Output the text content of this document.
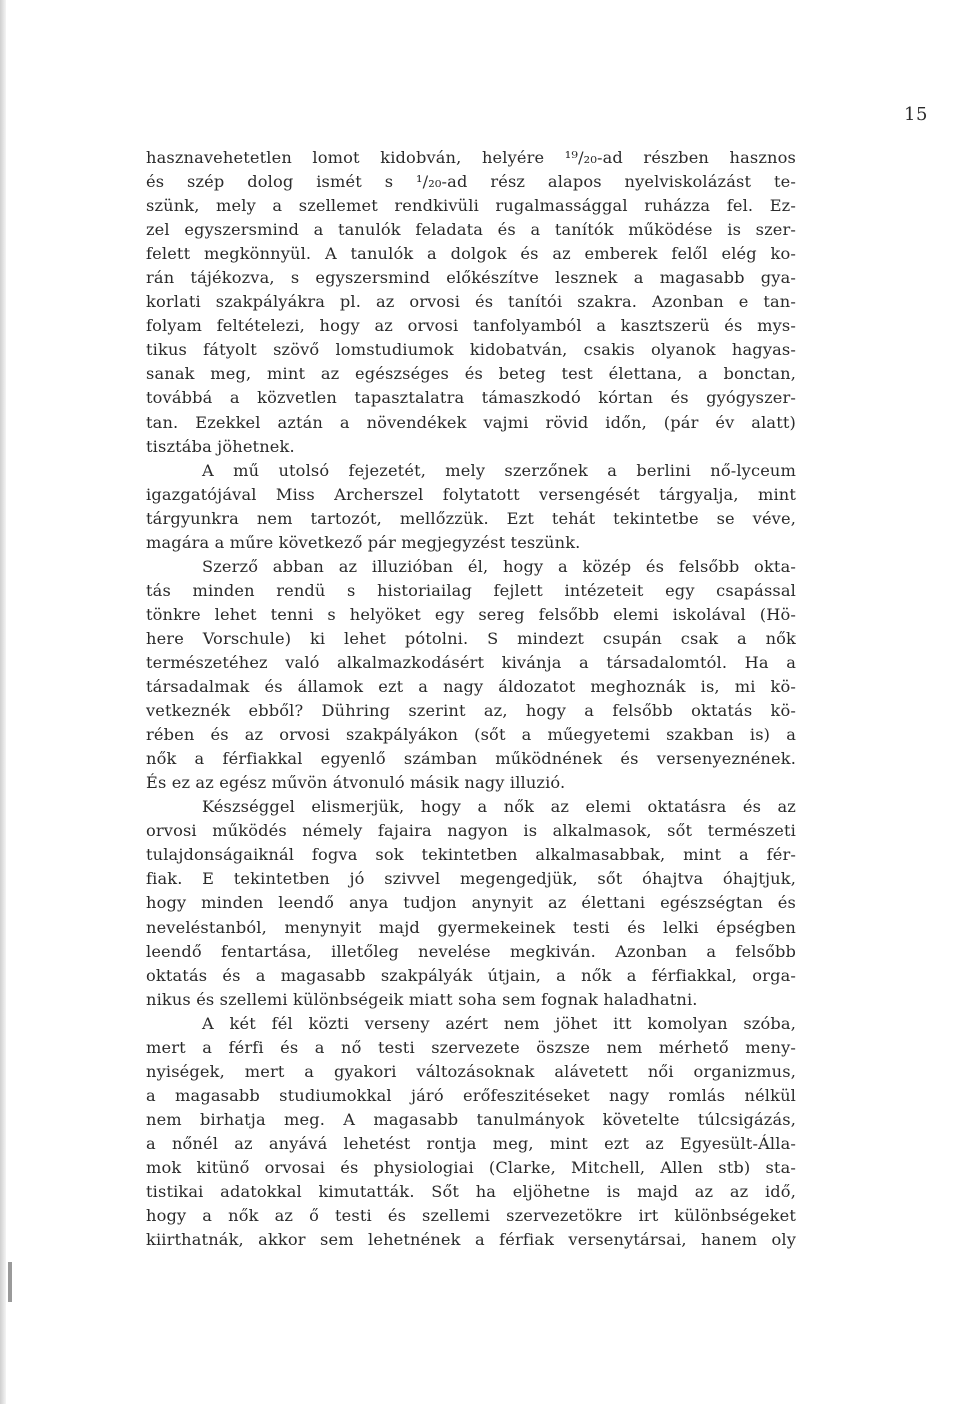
15
hasznavehetetlen lomot kidobván, helyére ¹⁹/₂₀-ad részben hasznos
és szép dolog ismét s ¹/₂₀-ad rész alapos nyelviskolázást te-
szünk, mely a szellemet rendkivüli rugalmassággal ruházza fel. Ez-
zel egyszersmind a tanulók feladata és a tanítók működése is szer-
felett megkönnyül. A tanulók a dolgok és az emberek felől elég ko-
rán tájékozva, s egyszersmind előkészítve lesznek a magasabb gya-
korlati szakpályákra pl. az orvosi és tanítói szakra. Azonban e tan-
folyam feltételezi, hogy az orvosi tanfolyamból a kasztszerü és mys-
tikus fátyolt szövő lomstudiumok kidobatván, csakis olyanok hagyas-
sanak meg, mint az egészséges és beteg test élettana, a bonctan,
továbbá a közvetlen tapasztalatra támaszkodó kórtan és gyógyszer-
tan. Ezekkel aztán a növendékek vajmi rövid időn, (pár év alatt)
tisztába jöhetnek.
A mű utolsó fejezetét, mely szerzőnek a berlini nő-lyceum
igazgatójával Miss Archerszel folytatott versengését tárgyalja, mint
tárgyunkra nem tartozót, mellőzzük. Ezt tehát tekintetbe se véve,
magára a műre következő pár megjegyzést teszünk.
Szerző abban az illuzióban él, hogy a közép és felsőbb okta-
tás minden rendü s historiailag fejlett intézeteit egy csapással
tönkre lehet tenni s helyöket egy sereg felsőbb elemi iskolával (Hö-
here Vorschule) ki lehet pótolni. S mindezt csupán csak a nők
természetéhez való alkalmazkodásért kivánja a társadalomtól. Ha a
társadalmak és államok ezt a nagy áldozatot meghoznák is, mi kö-
vetkeznék ebből? Dühring szerint az, hogy a felsőbb oktatás kö-
rében és az orvosi szakpályákon (sőt a műegyetemi szakban is) a
nők a férfiakkal egyenlő számban működnének és versenyeznének.
És ez az egész művön átvonuló másik nagy illuzió.
Készséggel elismerjük, hogy a nők az elemi oktatásra és az
orvosi működés némely fajaira nagyon is alkalmasok, sőt természeti
tulajdonságaiknál fogva sok tekintetben alkalmasabbak, mint a fér-
fiak. E tekintetben jó szivvel megengedjük, sőt óhajtva óhajtjuk,
hogy minden leendő anya tudjon anynyit az élettani egészségtan és
neveléstanból, menynyit majd gyermekeinek testi és lelki épségben
leendő fentartása, illetőleg nevelése megkiván. Azonban a felsőbb
oktatás és a magasabb szakpályák útjain, a nők a férfiakkal, orga-
nikus és szellemi különbségeik miatt soha sem fognak haladhatni.
A két fél közti verseny azért nem jöhet itt komolyan szóba,
mert a férfi és a nő testi szervezete öszsze nem mérhető meny-
nyiségek, mert a gyakori változásoknak alávetett női organizmus,
a magasabb studiumokkal járó erőfeszitéseket nagy romlás nélkül
nem birhatja meg. A magasabb tanulmányok követelte túlcsigázás,
a nőnél az anyává lehetést rontja meg, mint ezt az Egyesült-Álla-
mok kitünő orvosai és physiologiai (Clarke, Mitchell, Allen stb) sta-
tistikai adatokkal kimutatták. Sőt ha eljöhetne is majd az az idő,
hogy a nők az ő testi és szellemi szervezetökre irt különbségeket
kiirthatnák, akkor sem lehetnének a férfiak versenytársai, hanem oly
